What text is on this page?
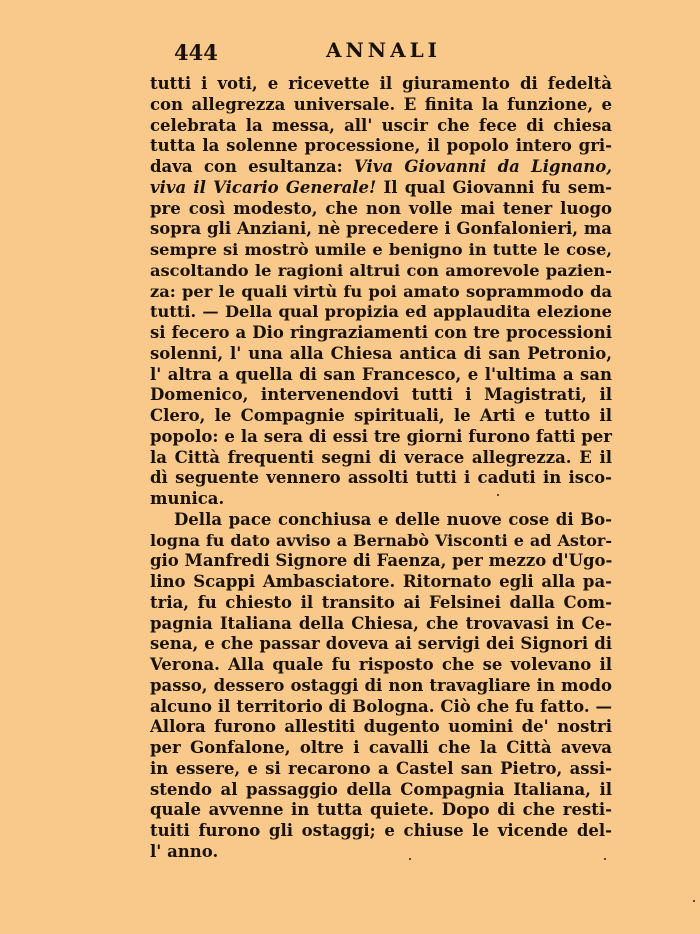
444	ANNALI
tutti i voti, e ricevette il giuramento di fedeltà
con allegrezza universale. E finita la funzione, e
celebrata la messa, all' uscir che fece di chiesa
tutta la solenne processione, il popolo intero gri-
dava con esultanza: Viva Giovanni da Lignano,
viva il Vicario Generale! Il qual Giovanni fu sem-
pre così modesto, che non volle mai tener luogo
sopra gli Anziani, nè precedere i Gonfalonieri, ma
sempre si mostrò umile e benigno in tutte le cose,
ascoltando le ragioni altrui con amorevole pazien-
za: per le quali virtù fu poi amato soprammodo da
tutti. — Della qual propizia ed applaudita elezione
si fecero a Dio ringraziamenti con tre processioni
solenni, l' una alla Chiesa antica di san Petronio,
l' altra a quella di san Francesco, e l'ultima a san
Domenico, intervenendovi tutti i Magistrati, il
Clero, le Compagnie spirituali, le Arti e tutto il
popolo: e la sera di essi tre giorni furono fatti per
la Città frequenti segni di verace allegrezza. E il
dì seguente vennero assolti tutti i caduti in isco-
munica.
Della pace conchiusa e delle nuove cose di Bo-
logna fu dato avviso a Bernabò Visconti e ad Astor-
gio Manfredi Signore di Faenza, per mezzo d'Ugo-
lino Scappi Ambasciatore. Ritornato egli alla pa-
tria, fu chiesto il transito ai Felsinei dalla Com-
pagnia Italiana della Chiesa, che trovavasi in Ce-
sena, e che passar doveva ai servigi dei Signori di
Verona. Alla quale fu risposto che se volevano il
passo, dessero ostaggi di non travagliare in modo
alcuno il territorio di Bologna. Ciò che fu fatto. —
Allora furono allestiti dugento uomini de' nostri
per Gonfalone, oltre i cavalli che la Città aveva
in essere, e si recarono a Castel san Pietro, assi-
stendo al passaggio della Compagnia Italiana, il
quale avvenne in tutta quiete. Dopo di che resti-
tuiti furono gli ostaggi; e chiuse le vicende del-
l' anno.
